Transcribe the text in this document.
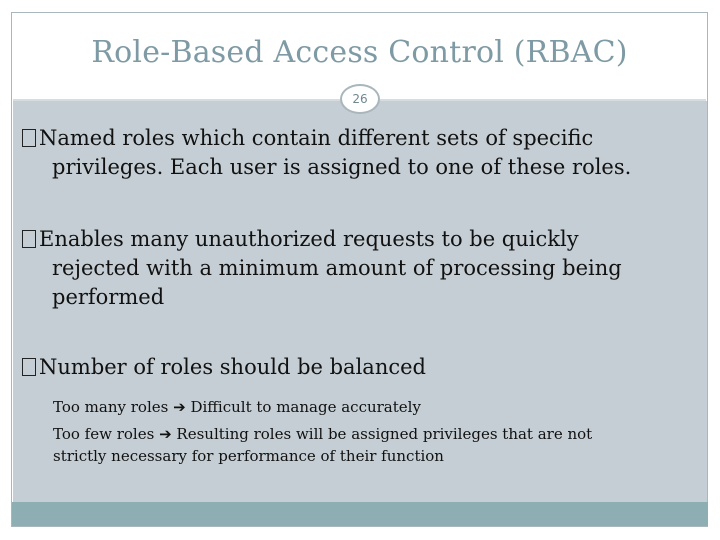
Role-Based Access Control (RBAC)
26
Named roles which contain different sets of specific
privileges. Each user is assigned to one of these roles.
Enables many unauthorized requests to be quickly
rejected with a minimum amount of processing being
performed
Number of roles should be balanced
Too many roles ➔ Difficult to manage accurately
Too few roles ➔ Resulting roles will be assigned privileges that are not
strictly necessary for performance of their function
